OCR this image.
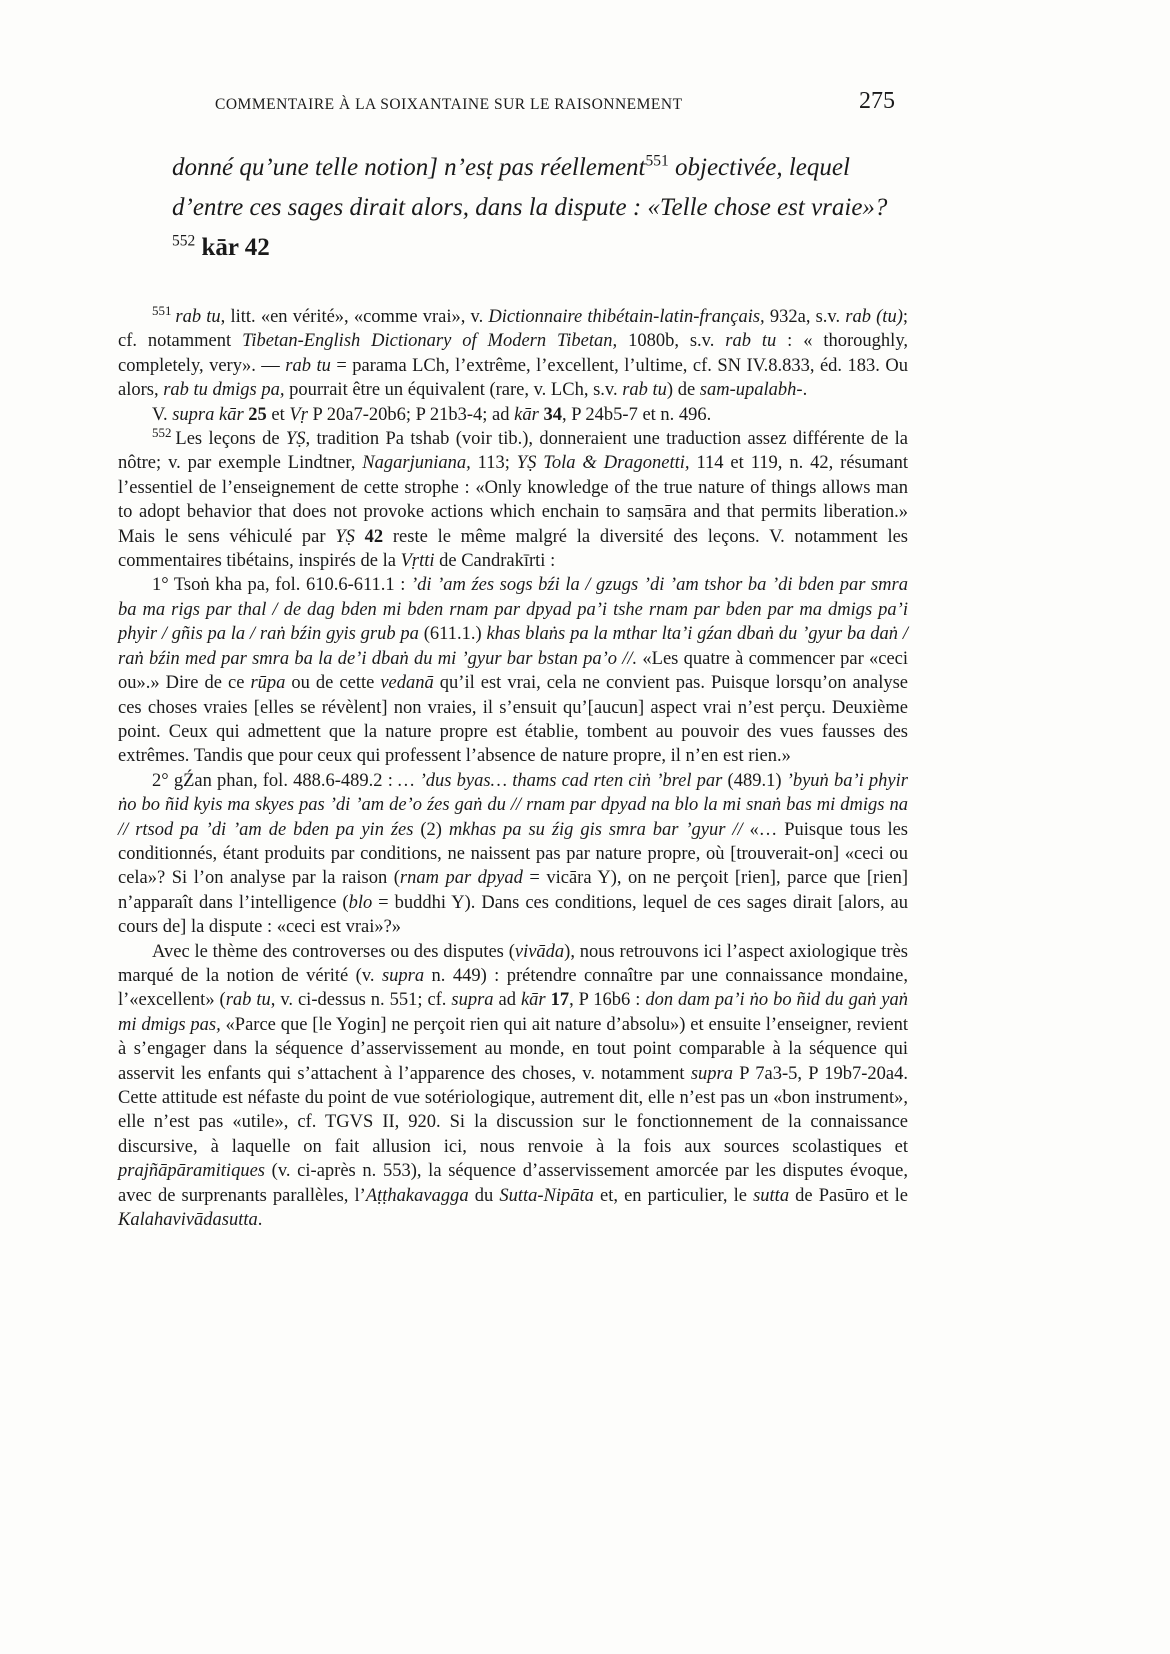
COMMENTAIRE À LA SOIXANTAINE SUR LE RAISONNEMENT	275
donné qu’une telle notion] n’esṭ pas réellement$^{551}$ objectivée, lequel d’entre ces sages dirait alors, dans la dispute : «Telle chose est vraie»? $^{552}$ kār 42

$^{551}$ rab tu, litt. «en vérité», «comme vrai», v. Dictionnaire thibétain-latin-français, 932a, s.v. rab (tu); cf. notamment Tibetan-English Dictionary of Modern Tibetan, 1080b, s.v. rab tu : « thoroughly, completely, very». — rab tu = parama LCh, l’extrême, l’excellent, l’ultime, cf. SN IV.8.833, éd. 183. Ou alors, rab tu dmigs pa, pourrait être un équivalent (rare, v. LCh, s.v. rab tu) de sam-upalabh-.

V. supra kār 25 et Vṛ P 20a7-20b6; P 21b3-4; ad kār 34, P 24b5-7 et n. 496.

$^{552}$ Les leçons de YṢ, tradition Pa tshab (voir tib.), donneraient une traduction assez différente de la nôtre; v. par exemple Lindtner, Nagarjuniana, 113; YṢ Tola & Dragonetti, 114 et 119, n. 42, résumant l’essentiel de l’enseignement de cette strophe : «Only knowledge of the true nature of things allows man to adopt behavior that does not provoke actions which enchain to saṃsāra and that permits liberation.» Mais le sens véhiculé par YṢ 42 reste le même malgré la diversité des leçons. V. notamment les commentaires tibétains, inspirés de la Vṛtti de Candrakīrti :

1° Tsoṅ kha pa, fol. 610.6-611.1 : ’di ’am źes sogs bźi la / gzugs ’di ’am tshor ba ’di bden par smra ba ma rigs par thal / de dag bden mi bden rnam par dpyad pa’i tshe rnam par bden par ma dmigs pa’i phyir / gñis pa la / raṅ bźin gyis grub pa (611.1.) khas blaṅs pa la mthar lta’i gźan dbaṅ du ’gyur ba daṅ / raṅ bźin med par smra ba la de’i dbaṅ du mi ’gyur bar bstan pa’o //. «Les quatre à commencer par «ceci ou».» Dire de ce rūpa ou de cette vedanā qu’il est vrai, cela ne convient pas. Puisque lorsqu’on analyse ces choses vraies [elles se révèlent] non vraies, il s’ensuit qu’[aucun] aspect vrai n’est perçu. Deuxième point. Ceux qui admettent que la nature propre est établie, tombent au pouvoir des vues fausses des extrêmes. Tandis que pour ceux qui professent l’absence de nature propre, il n’en est rien.»

2° gŹan phan, fol. 488.6-489.2 : … ’dus byas… thams cad rten ciṅ ’brel par (489.1) ’byuṅ ba’i phyir ṅo bo ñid kyis ma skyes pas ’di ’am de’o źes gaṅ du // rnam par dpyad na blo la mi snaṅ bas mi dmigs na // rtsod pa ’di ’am de bden pa yin źes (2) mkhas pa su źig gis smra bar ’gyur // «… Puisque tous les conditionnés, étant produits par conditions, ne naissent pas par nature propre, où [trouverait-on] «ceci ou cela»? Si l’on analyse par la raison (rnam par dpyad = vicāra Y), on ne perçoit [rien], parce que [rien] n’apparaît dans l’intelligence (blo = buddhi Y). Dans ces conditions, lequel de ces sages dirait [alors, au cours de] la dispute : «ceci est vrai»?»

Avec le thème des controverses ou des disputes (vivāda), nous retrouvons ici l’aspect axiologique très marqué de la notion de vérité (v. supra n. 449) : prétendre connaître par une connaissance mondaine, l’«excellent» (rab tu, v. ci-dessus n. 551; cf. supra ad kār 17, P 16b6 : don dam pa’i ṅo bo ñid du gaṅ yaṅ mi dmigs pas, «Parce que [le Yogin] ne perçoit rien qui ait nature d’absolu») et ensuite l’enseigner, revient à s’engager dans la séquence d’asservissement au monde, en tout point comparable à la séquence qui asservit les enfants qui s’attachent à l’apparence des choses, v. notamment supra P 7a3-5, P 19b7-20a4. Cette attitude est néfaste du point de vue sotériologique, autrement dit, elle n’est pas un «bon instrument», elle n’est pas «utile», cf. TGVS II, 920. Si la discussion sur le fonctionnement de la connaissance discursive, à laquelle on fait allusion ici, nous renvoie à la fois aux sources scolastiques et prajñāpāramitiques (v. ci-après n. 553), la séquence d’asservissement amorcée par les disputes évoque, avec de surprenants parallèles, l’Aṭṭhakavagga du Sutta-Nipāta et, en particulier, le sutta de Pasūro et le Kalahavivādasutta.
